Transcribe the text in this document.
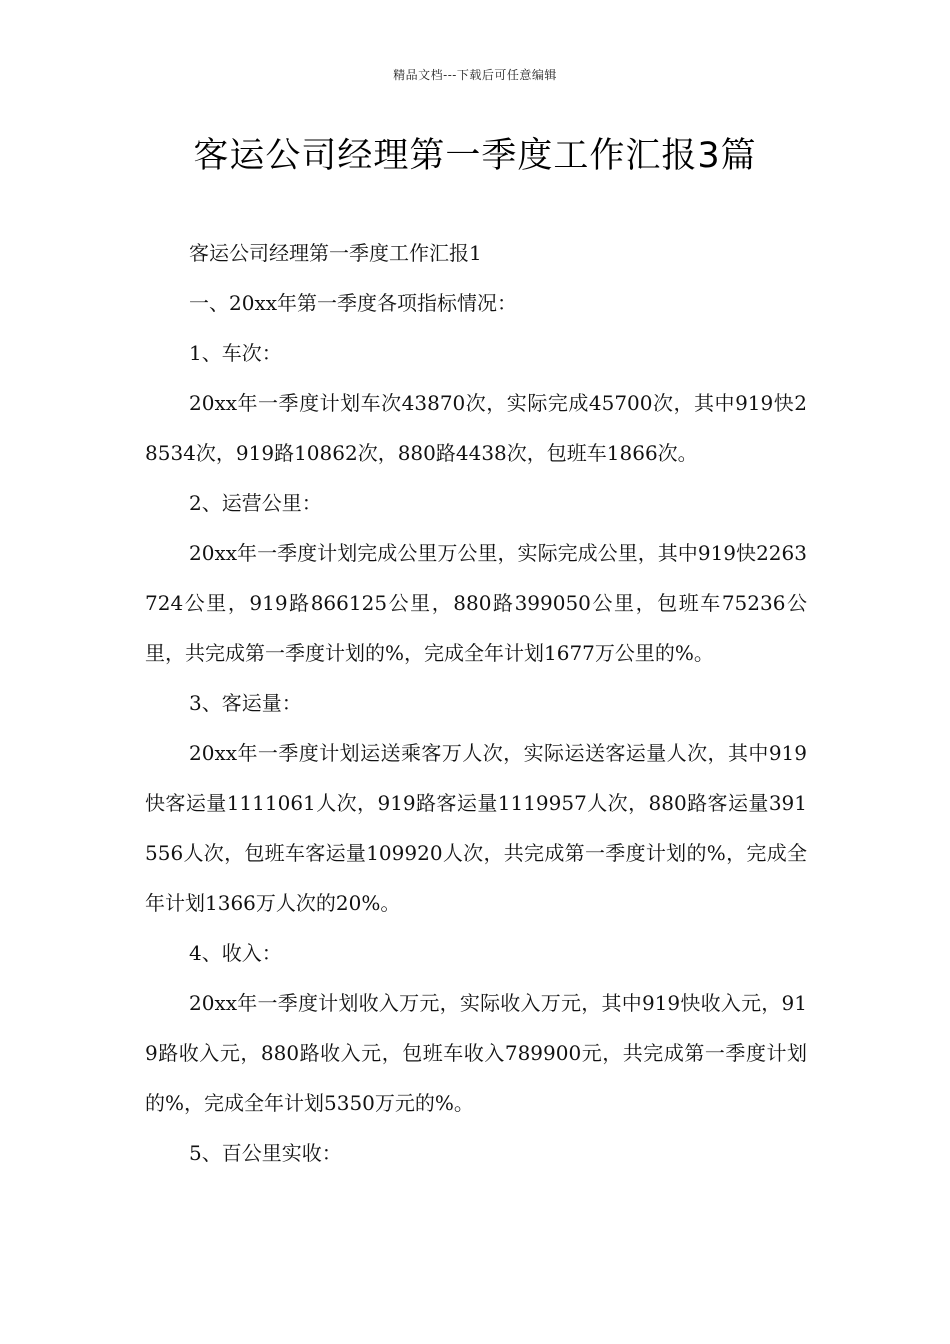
精品文档---下载后可任意编辑
客运公司经理第一季度工作汇报3篇

客运公司经理第一季度工作汇报1

一、20xx年第一季度各项指标情况：

1、车次：

20xx年一季度计划车次43870次，实际完成45700次，其中919快28534次，919路10862次，880路4438次，包班车1866次。

2、运营公里：

20xx年一季度计划完成公里万公里，实际完成公里，其中919快2263724公里，919路866125公里，880路399050公里，包班车75236公里，共完成第一季度计划的%，完成全年计划1677万公里的%。

3、客运量：

20xx年一季度计划运送乘客万人次，实际运送客运量人次，其中919快客运量1111061人次，919路客运量1119957人次，880路客运量391556人次，包班车客运量109920人次，共完成第一季度计划的%，完成全年计划1366万人次的20%。

4、收入：

20xx年一季度计划收入万元，实际收入万元，其中919快收入元，919路收入元，880路收入元，包班车收入789900元，共完成第一季度计划的%，完成全年计划5350万元的%。

5、百公里实收：
